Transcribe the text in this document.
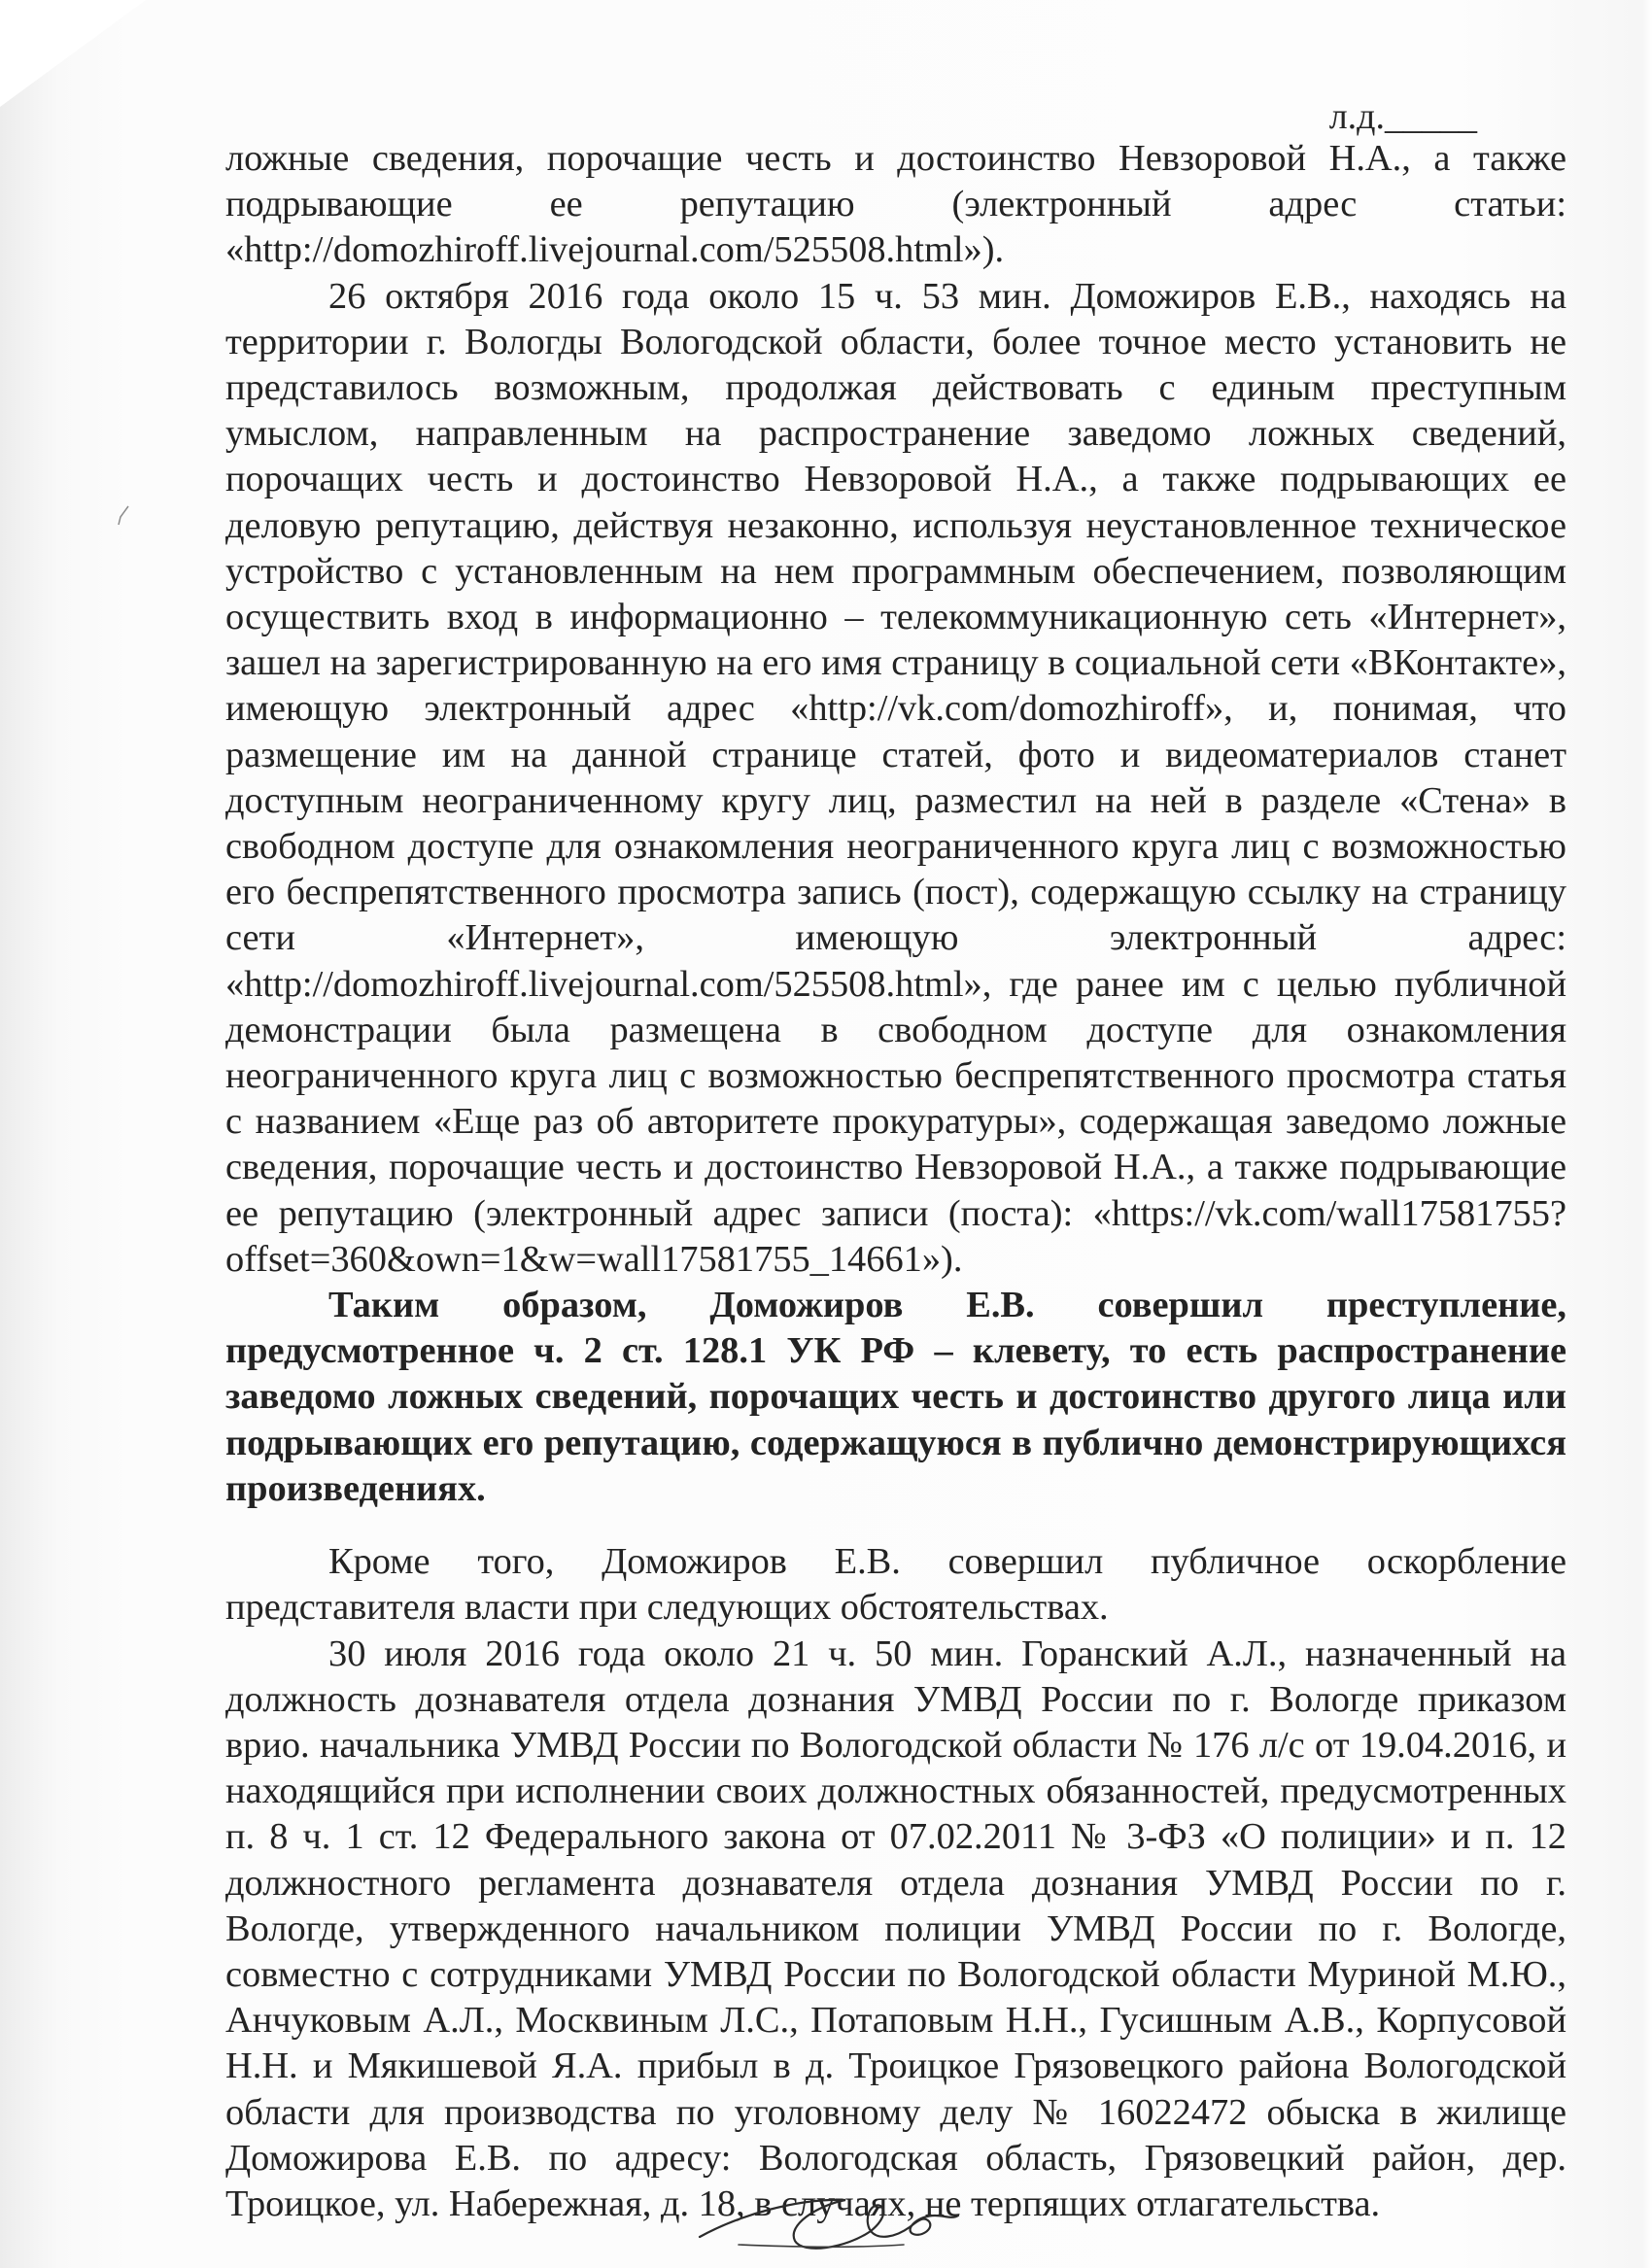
л.д._____

ложные сведения, порочащие честь и достоинство Невзоровой Н.А., а также подрывающие ее репутацию (электронный адрес статьи: «http://domozhiroff.livejournal.com/525508.html»).

26 октября 2016 года около 15 ч. 53 мин. Доможиров Е.В., находясь на территории г. Вологды Вологодской области, более точное место установить не представилось возможным, продолжая действовать с единым преступным умыслом, направленным на распространение заведомо ложных сведений, порочащих честь и достоинство Невзоровой Н.А., а также подрывающих ее деловую репутацию, действуя незаконно, используя неустановленное техническое устройство с установленным на нем программным обеспечением, позволяющим осуществить вход в информационно – телекоммуникационную сеть «Интернет», зашел на зарегистрированную на его имя страницу в социальной сети «ВКонтакте», имеющую электронный адрес «http://vk.com/domozhiroff», и, понимая, что размещение им на данной странице статей, фото и видеоматериалов станет доступным неограниченному кругу лиц, разместил на ней в разделе «Стена» в свободном доступе для ознакомления неограниченного круга лиц с возможностью его беспрепятственного просмотра запись (пост), содержащую ссылку на страницу сети «Интернет», имеющую электронный адрес: «http://domozhiroff.livejournal.com/525508.html», где ранее им с целью публичной демонстрации была размещена в свободном доступе для ознакомления неограниченного круга лиц с возможностью беспрепятственного просмотра статья с названием «Еще раз об авторитете прокуратуры», содержащая заведомо ложные сведения, порочащие честь и достоинство Невзоровой Н.А., а также подрывающие ее репутацию (электронный адрес записи (поста): «https://vk.com/wall17581755?offset=360&own=1&w=wall17581755_14661»).

Таким образом, Доможиров Е.В. совершил преступление, предусмотренное ч. 2 ст. 128.1 УК РФ – клевету, то есть распространение заведомо ложных сведений, порочащих честь и достоинство другого лица или подрывающих его репутацию, содержащуюся в публично демонстрирующихся произведениях.

Кроме того, Доможиров Е.В. совершил публичное оскорбление представителя власти при следующих обстоятельствах.

30 июля 2016 года около 21 ч. 50 мин. Горанский А.Л., назначенный на должность дознавателя отдела дознания УМВД России по г. Вологде приказом врио. начальника УМВД России по Вологодской области № 176 л/с от 19.04.2016, и находящийся при исполнении своих должностных обязанностей, предусмотренных п. 8 ч. 1 ст. 12 Федерального закона от 07.02.2011 № 3-ФЗ «О полиции» и п. 12 должностного регламента дознавателя отдела дознания УМВД России по г. Вологде, утвержденного начальником полиции УМВД России по г. Вологде, совместно с сотрудниками УМВД России по Вологодской области Муриной М.Ю., Анчуковым А.Л., Москвиным Л.С., Потаповым Н.Н., Гусишным А.В., Корпусовой Н.Н. и Мякишевой Я.А. прибыл в д. Троицкое Грязовецкого района Вологодской области для производства по уголовному делу № 16022472 обыска в жилище Доможирова Е.В. по адресу: Вологодская область, Грязовецкий район, дер. Троицкое, ул. Набережная, д. 18, в случаях, не терпящих отлагательства.
